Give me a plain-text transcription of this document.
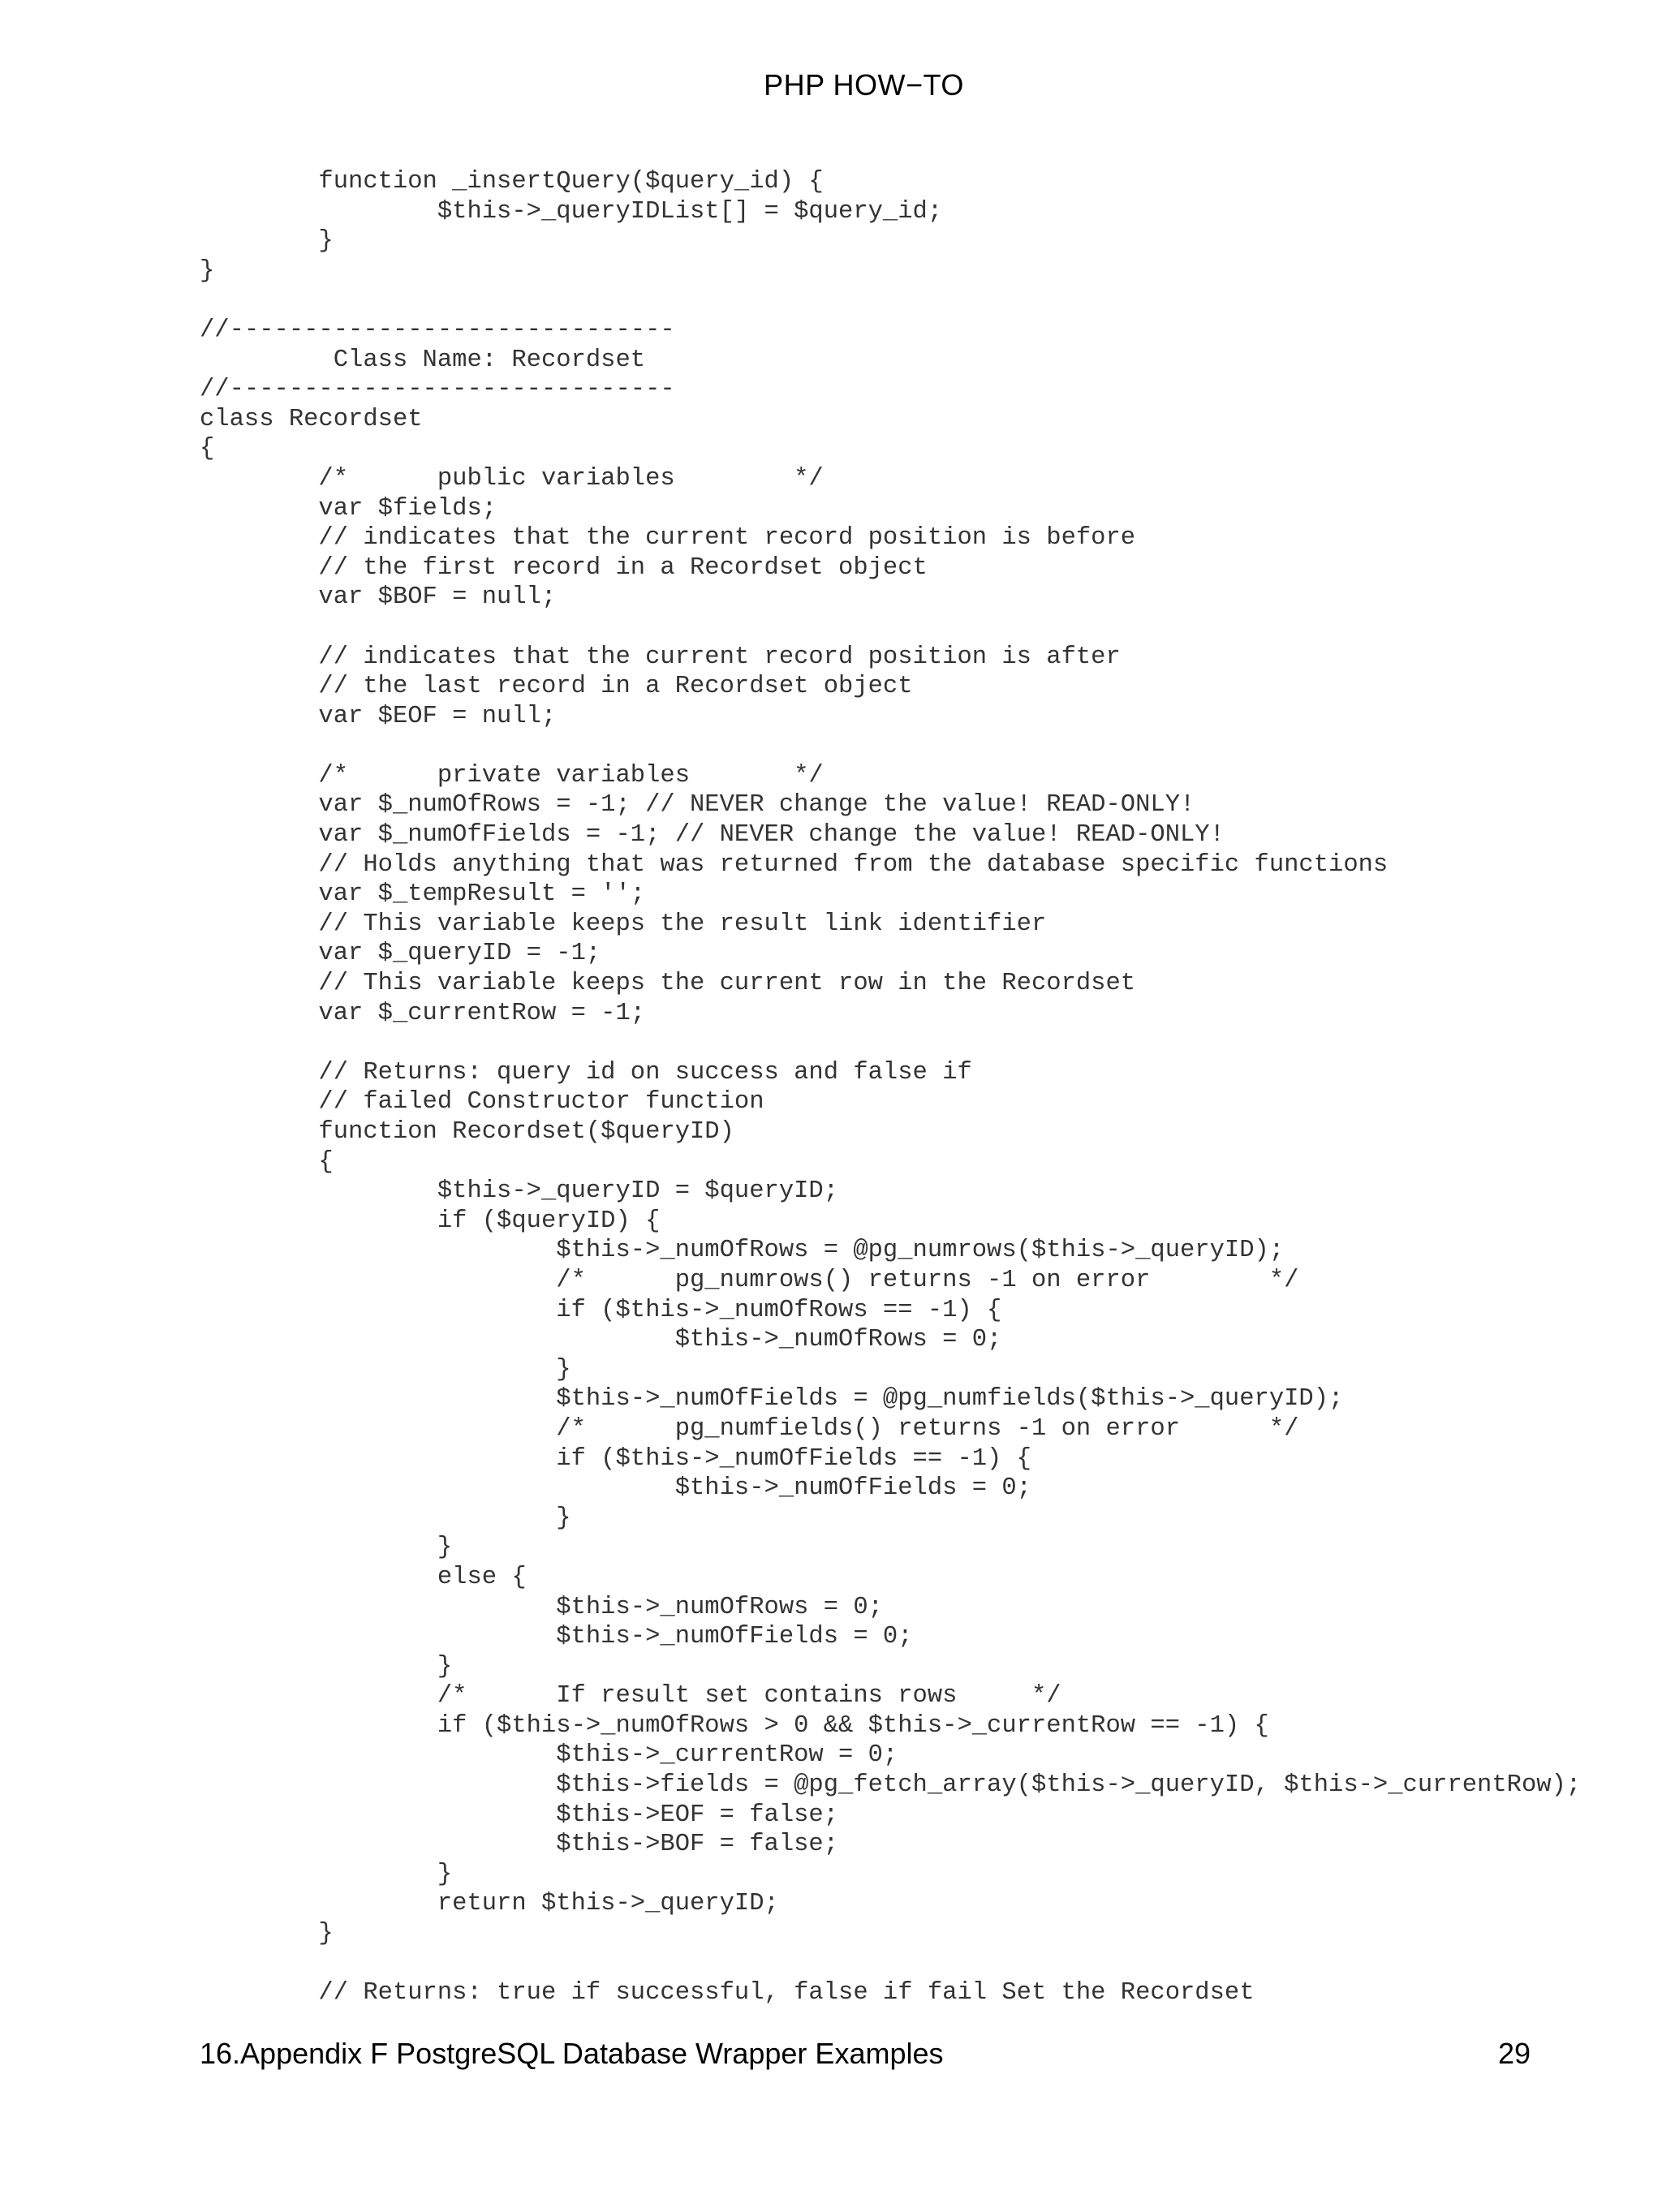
PHP HOW−TO
function _insertQuery($query_id) {
$this->_queryIDList[] = $query_id;
}
}
//------------------------------
Class Name: Recordset
//------------------------------
class Recordset
{
/*      public variables        */
var $fields;
// indicates that the current record position is before
// the first record in a Recordset object
var $BOF = null;
// indicates that the current record position is after
// the last record in a Recordset object
var $EOF = null;
/*      private variables       */
var $_numOfRows = -1; // NEVER change the value! READ-ONLY!
var $_numOfFields = -1; // NEVER change the value! READ-ONLY!
// Holds anything that was returned from the database specific functions
var $_tempResult = '';
// This variable keeps the result link identifier
var $_queryID = -1;
// This variable keeps the current row in the Recordset
var $_currentRow = -1;
// Returns: query id on success and false if
// failed Constructor function
function Recordset($queryID)
{
$this->_queryID = $queryID;
if ($queryID) {
$this->_numOfRows = @pg_numrows($this->_queryID);
/*      pg_numrows() returns -1 on error        */
if ($this->_numOfRows == -1) {
$this->_numOfRows = 0;
}
$this->_numOfFields = @pg_numfields($this->_queryID);
/*      pg_numfields() returns -1 on error      */
if ($this->_numOfFields == -1) {
$this->_numOfFields = 0;
}
}
else {
$this->_numOfRows = 0;
$this->_numOfFields = 0;
}
/*      If result set contains rows     */
if ($this->_numOfRows > 0 && $this->_currentRow == -1) {
$this->_currentRow = 0;
$this->fields = @pg_fetch_array($this->_queryID, $this->_currentRow);
$this->EOF = false;
$this->BOF = false;
}
return $this->_queryID;
}
// Returns: true if successful, false if fail Set the Recordset
16.Appendix F PostgreSQL Database Wrapper Examples	29
